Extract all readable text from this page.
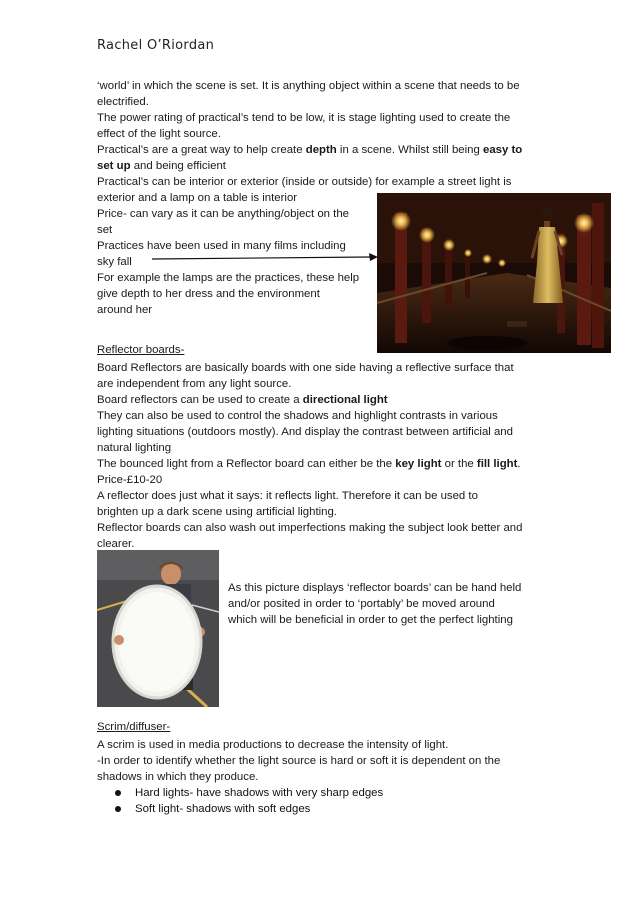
Rachel O’Riordan
‘world’ in which the scene is set. It is anything object within a scene that needs to be
electrified.
The power rating of practical’s tend to be low, it is stage lighting used to create the
effect of the light source.
Practical’s are a great way to help create depth in a scene. Whilst still being easy to
set up and being efficient
Practical’s can be interior or exterior (inside or outside) for example a street light is
exterior and a lamp on a table is interior
Price- can vary as it can be anything/object on the
set
Practices have been used in many films including
sky fall
For example the lamps are the practices, these help
give depth to her dress and the environment
around her
Reflector boards-
Board Reflectors are basically boards with one side having a reflective surface that
are independent from any light source.
Board reflectors can be used to create a directional light
They can also be used to control the shadows and highlight contrasts in various
lighting situations (outdoors mostly). And display the contrast between artificial and
natural lighting
The bounced light from a Reflector board can either be the key light or the fill light.
Price-£10-20
A reflector does just what it says: it reflects light. Therefore it can be used to
brighten up a dark scene using artificial lighting.
Reflector boards can also wash out imperfections making the subject look better and
clearer.
As this picture displays ‘reflector boards’ can be hand held
and/or posited in order to ‘portably’ be moved around
which will be beneficial in order to get the perfect lighting
Scrim/diffuser-
A scrim is used in media productions to decrease the intensity of light.
-In order to identify whether the light source is hard or soft it is dependent on the
shadows in which they produce.
Hard lights- have shadows with very sharp edges
Soft light- shadows with soft edges
